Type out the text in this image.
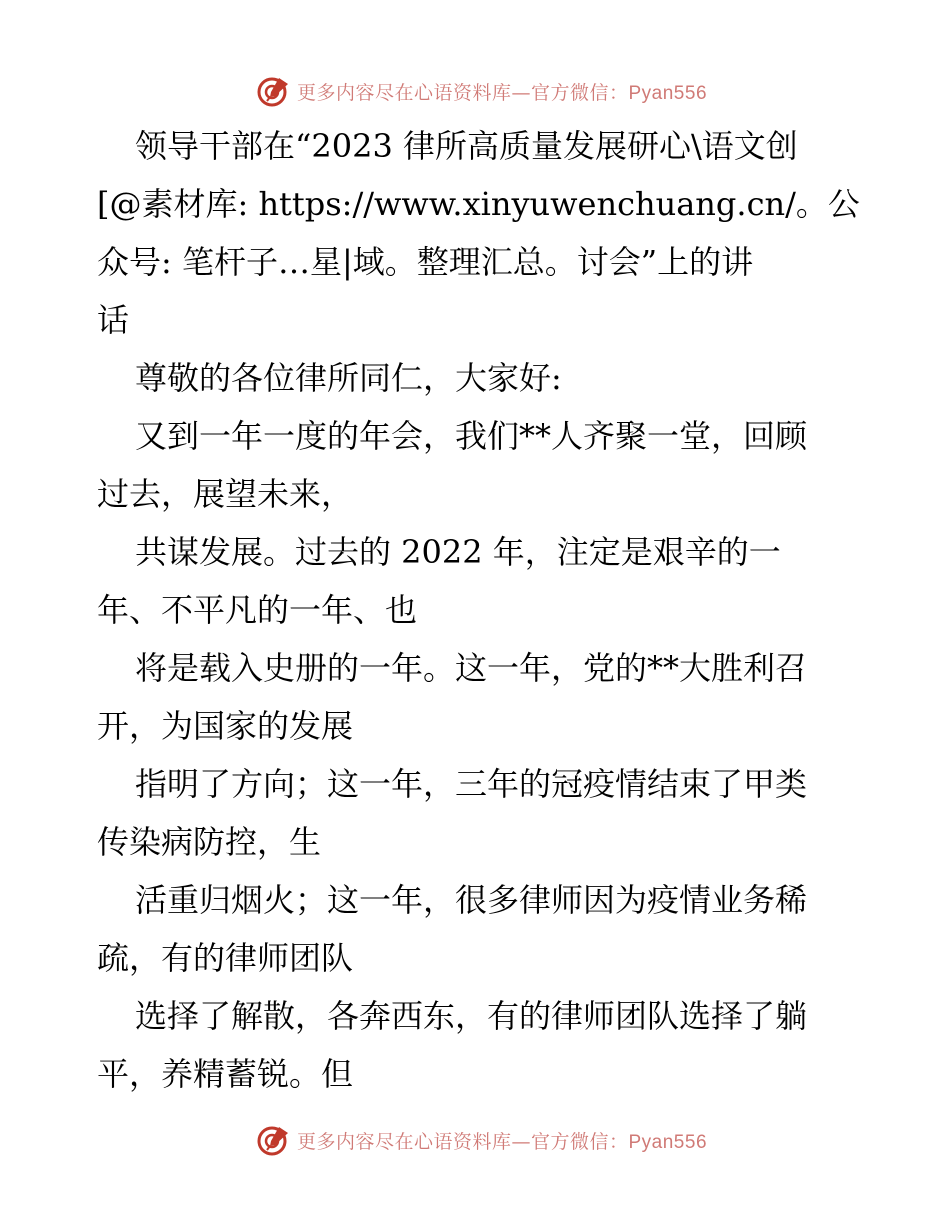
更多内容尽在心语资料库—官方微信：Pyan556
领导干部在“2023 律所高质量发展研心\语文创
[@素材库: https://www.xinyuwenchuang.cn/。公
众号: 笔杆子…星|域。整理汇总。讨会”上的讲
话
尊敬的各位律所同仁，大家好:
又到一年一度的年会，我们**人齐聚一堂，回顾
过去，展望未来，
共谋发展。过去的 2022 年，注定是艰辛的一
年、不平凡的一年、也
将是载入史册的一年。这一年，党的**大胜利召
开，为国家的发展
指明了方向；这一年，三年的冠疫情结束了甲类
传染病防控，生
活重归烟火；这一年，很多律师因为疫情业务稀
疏，有的律师团队
选择了解散，各奔西东，有的律师团队选择了躺
平，养精蓄锐。但
更多内容尽在心语资料库—官方微信：Pyan556
